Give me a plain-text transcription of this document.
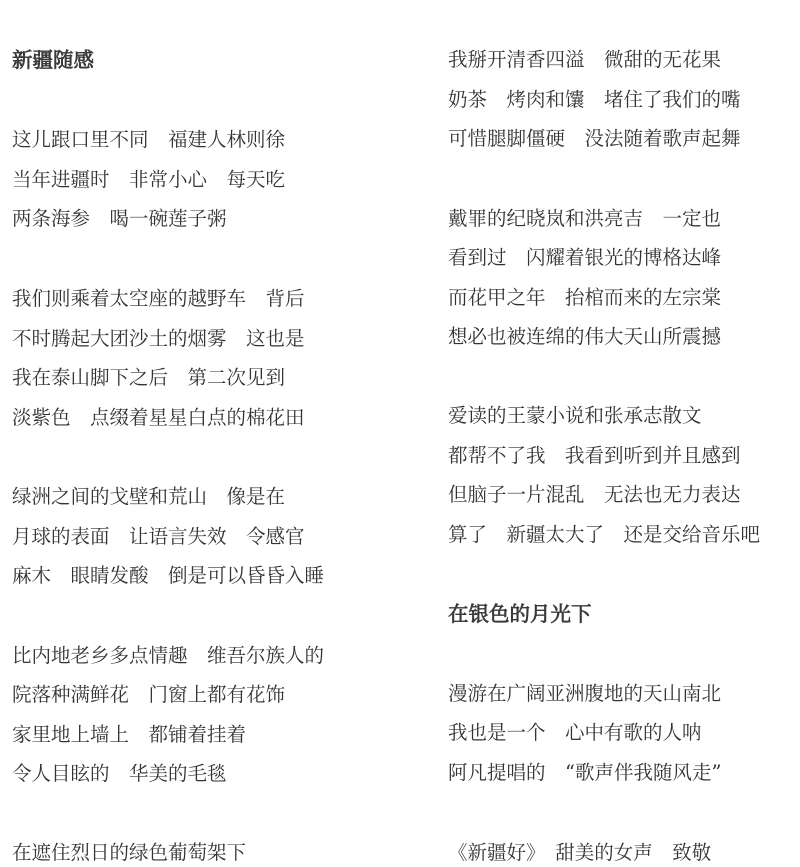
新疆随感
这儿跟口里不同　福建人林则徐
当年进疆时　非常小心　每天吃
两条海参　喝一碗莲子粥
我们则乘着太空座的越野车　背后
不时腾起大团沙土的烟雾　这也是
我在泰山脚下之后　第二次见到
淡紫色　点缀着星星白点的棉花田
绿洲之间的戈壁和荒山　像是在
月球的表面　让语言失效　令感官
麻木　眼睛发酸　倒是可以昏昏入睡
比内地老乡多点情趣　维吾尔族人的
院落种满鲜花　门窗上都有花饰
家里地上墙上　都铺着挂着
令人目眩的　华美的毛毯
在遮住烈日的绿色葡萄架下
我掰开清香四溢　微甜的无花果
奶茶　烤肉和馕　堵住了我们的嘴
可惜腿脚僵硬　没法随着歌声起舞
戴罪的纪晓岚和洪亮吉　一定也
看到过　闪耀着银光的博格达峰
而花甲之年　抬棺而来的左宗棠
想必也被连绵的伟大天山所震撼
爱读的王蒙小说和张承志散文
都帮不了我　我看到听到并且感到
但脑子一片混乱　无法也无力表达
算了　新疆太大了　还是交给音乐吧
在银色的月光下
漫游在广阔亚洲腹地的天山南北
我也是一个　心中有歌的人呐
阿凡提唱的　“歌声伴我随风走”
《新疆好》　甜美的女声　致敬
